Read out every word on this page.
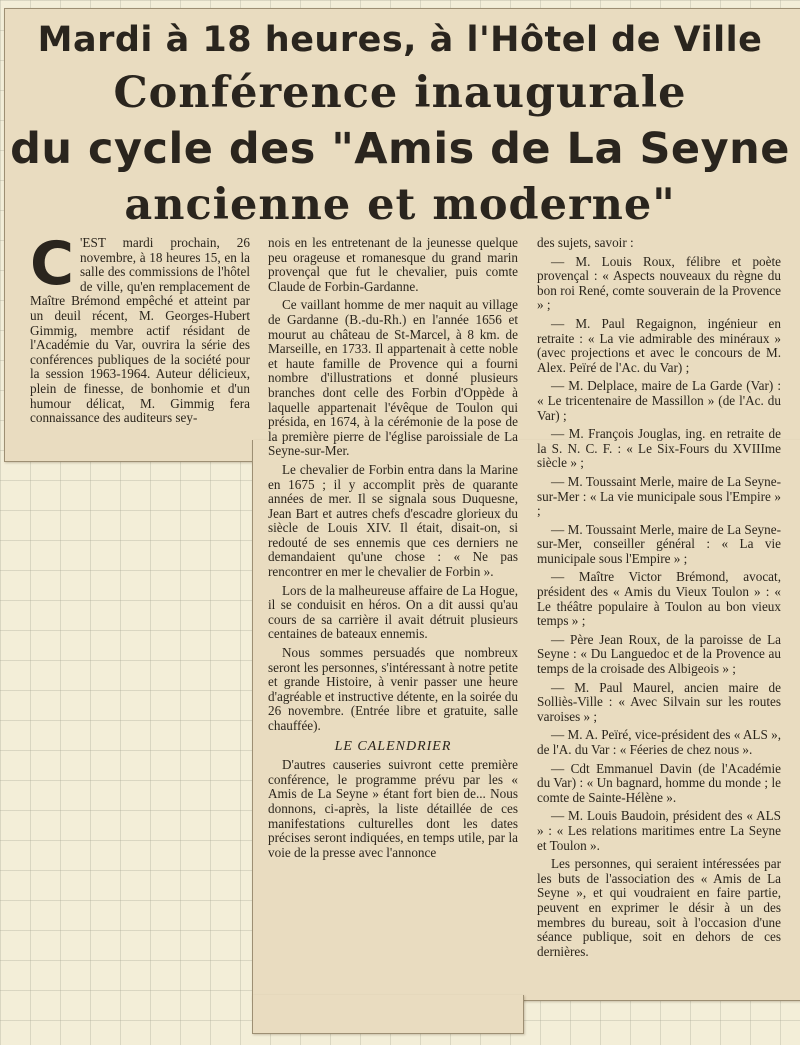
Mardi à 18 heures, à l'Hôtel de Ville
Conférence inaugurale
du cycle des "Amis de La Seyne
ancienne et moderne"
C 'EST mardi prochain, 26 novembre, à 18 heures 15, en la salle des commissions de l'hôtel de ville, qu'en remplacement de Maître Brémond empêché et atteint par un deuil récent, M. Georges-Hubert Gimmig, membre actif résidant de l'Académie du Var, ouvrira la série des conférences publiques de la société pour la session 1963-1964. Auteur délicieux, plein de finesse, de bonhomie et d'un humour délicat, M. Gimmig fera connaissance des auditeurs sey-

nois en les entretenant de la jeunesse quelque peu orageuse et romanesque du grand marin provençal que fut le chevalier, puis comte Claude de Forbin-Gardanne.

Ce vaillant homme de mer naquit au village de Gardanne (B.-du-Rh.) en l'année 1656 et mourut au château de St-Marcel, à 8 km. de Marseille, en 1733. Il appartenait à cette noble et haute famille de Provence qui a fourni nombre d'illustrations et donné plusieurs branches dont celle des Forbin d'Oppède à laquelle appartenait l'évêque de Toulon qui présida, en 1674, à la cérémonie de la pose de la première pierre de l'église paroissiale de La Seyne-sur-Mer.

Le chevalier de Forbin entra dans la Marine en 1675 ; il y accomplit près de quarante années de mer. Il se signala sous Duquesne, Jean Bart et autres chefs d'escadre glorieux du siècle de Louis XIV. Il était, disait-on, si redouté de ses ennemis que ces derniers ne demandaient qu'une chose : « Ne pas rencontrer en mer le chevalier de Forbin ».

Lors de la malheureuse affaire de La Hogue, il se conduisit en héros. On a dit aussi qu'au cours de sa carrière il avait détruit plusieurs centaines de bateaux ennemis.

Nous sommes persuadés que nombreux seront les personnes, s'intéressant à notre petite et grande Histoire, à venir passer une heure d'agréable et instructive détente, en la soirée du 26 novembre. (Entrée libre et gratuite, salle chauffée).

LE CALENDRIER

D'autres causeries suivront cette première conférence, le programme prévu par les « Amis de La Seyne » étant fort bien de... Nous donnons, ci-après, la liste détaillée de ces manifestations culturelles dont les dates précises seront indiquées, en temps utile, par la voie de la presse avec l'annonce

des sujets, savoir :

— M. Louis Roux, félibre et poète provençal : « Aspects nouveaux du règne du bon roi René, comte souverain de la Provence » ;

— M. Paul Regaignon, ingénieur en retraite : « La vie admirable des minéraux » (avec projections et avec le concours de M. Alex. Peïré de l'Ac. du Var) ;

— M. Delplace, maire de La Garde (Var) : « Le tricentenaire de Massillon » (de l'Ac. du Var) ;

— M. François Jouglas, ing. en retraite de la S. N. C. F. : « Le Six-Fours du XVIIIme siècle » ;

— M. Toussaint Merle, maire de La Seyne-sur-Mer : « La vie municipale sous l'Empire » ;

— M. Toussaint Merle, maire de La Seyne-sur-Mer, conseiller général : « La vie municipale sous l'Empire » ;

— Maître Victor Brémond, avocat, président des « Amis du Vieux Toulon » : « Le théâtre populaire à Toulon au bon vieux temps » ;

— Père Jean Roux, de la paroisse de La Seyne : « Du Languedoc et de la Provence au temps de la croisade des Albigeois » ;

— M. Paul Maurel, ancien maire de Solliès-Ville : « Avec Silvain sur les routes varoises » ;

— M. A. Peïré, vice-président des « ALS », de l'A. du Var : « Féeries de chez nous ».

— Cdt Emmanuel Davin (de l'Académie du Var) : « Un bagnard, homme du monde ; le comte de Sainte-Hélène ».

— M. Louis Baudoin, président des « ALS » : « Les relations maritimes entre La Seyne et Toulon ».

Les personnes, qui seraient intéressées par les buts de l'association des « Amis de La Seyne », et qui voudraient en faire partie, peuvent en exprimer le désir à un des membres du bureau, soit à l'occasion d'une séance publique, soit en dehors de ces dernières.
